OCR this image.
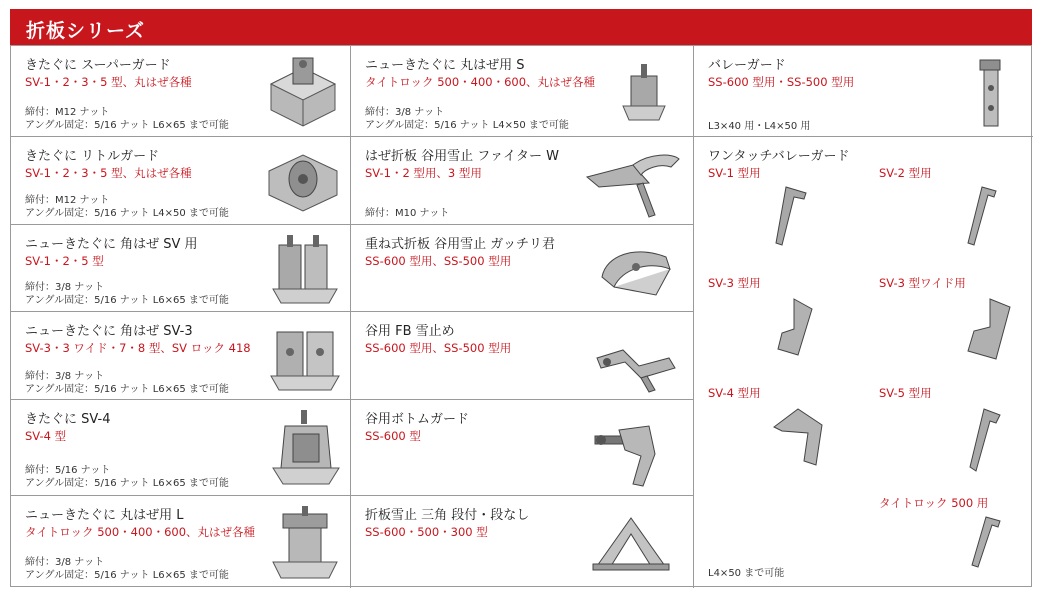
折板シリーズ
きたぐに スーパーガード
SV-1・2・3・5 型、丸はぜ各種
締付：M12 ナット
アングル固定：5/16 ナット L6×65 まで可能
きたぐに リトルガード
SV-1・2・3・5 型、丸はぜ各種
締付：M12 ナット
アングル固定：5/16 ナット L4×50 まで可能
ニューきたぐに 角はぜ SV 用
SV-1・2・5 型
締付：3/8 ナット
アングル固定：5/16 ナット L6×65 まで可能
ニューきたぐに 角はぜ SV-3
SV-3・3 ワイド・7・8 型、SV ロック 418
締付：3/8 ナット
アングル固定：5/16 ナット L6×65 まで可能
きたぐに SV-4
SV-4 型
締付：5/16 ナット
アングル固定：5/16 ナット L6×65 まで可能
ニューきたぐに 丸はぜ用 L
タイトロック 500・400・600、丸はぜ各種
締付：3/8 ナット
アングル固定：5/16 ナット L6×65 まで可能
ニューきたぐに 丸はぜ用 S
タイトロック 500・400・600、丸はぜ各種
締付：3/8 ナット
アングル固定：5/16 ナット L4×50 まで可能
はぜ折板 谷用雪止 ファイター W
SV-1・2 型用、3 型用
締付：M10 ナット
重ね式折板 谷用雪止 ガッチリ君
SS-600 型用、SS-500 型用
谷用 FB 雪止め
SS-600 型用、SS-500 型用
谷用ボトムガード
SS-600 型
折板雪止 三角 段付・段なし
SS-600・500・300 型
バレーガード
SS-600 型用・SS-500 型用
L3×40 用・L4×50 用
ワンタッチバレーガード
SV-1 型用	SV-2 型用
SV-3 型用	SV-3 型ワイド用
SV-4 型用	SV-5 型用
タイトロック 500 用
L4×50 まで可能
